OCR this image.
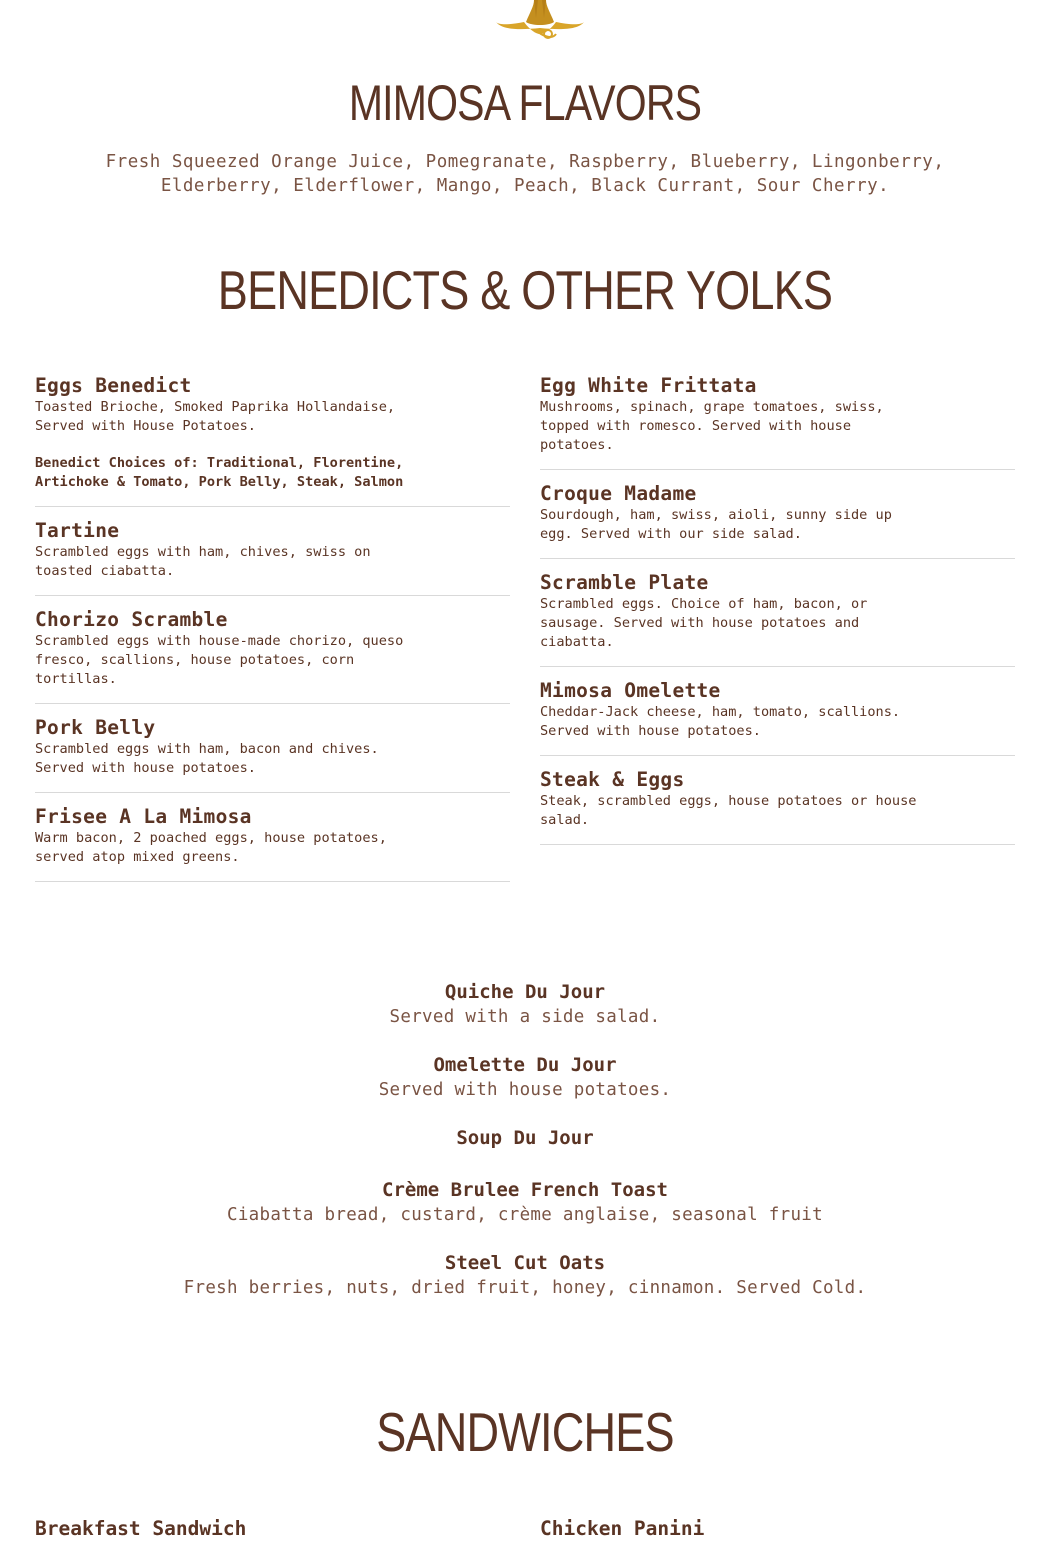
MIMOSA FLAVORS

Fresh Squeezed Orange Juice, Pomegranate, Raspberry, Blueberry, Lingonberry, Elderberry, Elderflower, Mango, Peach, Black Currant, Sour Cherry.

BENEDICTS & OTHER YOLKS
Eggs Benedict

Toasted Brioche, Smoked Paprika Hollandaise, Served with House Potatoes.

Benedict Choices of: Traditional, Florentine, Artichoke & Tomato, Pork Belly, Steak, Salmon

Tartine

Scrambled eggs with ham, chives, swiss on toasted ciabatta.

Chorizo Scramble

Scrambled eggs with house-made chorizo, queso fresco, scallions, house potatoes, corn tortillas.

Pork Belly

Scrambled eggs with ham, bacon and chives. Served with house potatoes.

Frisee A La Mimosa

Warm bacon, 2 poached eggs, house potatoes, served atop mixed greens.

Egg White Frittata

Mushrooms, spinach, grape tomatoes, swiss, topped with romesco. Served with house potatoes.

Croque Madame

Sourdough, ham, swiss, aioli, sunny side up egg. Served with our side salad.

Scramble Plate

Scrambled eggs. Choice of ham, bacon, or sausage. Served with house potatoes and ciabatta.

Mimosa Omelette

Cheddar-Jack cheese, ham, tomato, scallions. Served with house potatoes.

Steak & Eggs

Steak, scrambled eggs, house potatoes or house salad.

Quiche Du Jour
Served with a side salad.
Omelette Du Jour
Served with house potatoes.
Soup Du Jour
Crème Brulee French Toast
Ciabatta bread, custard, crème anglaise, seasonal fruit
Steel Cut Oats
Fresh berries, nuts, dried fruit, honey, cinnamon. Served Cold.
SANDWICHES
Breakfast Sandwich	Chicken Panini
